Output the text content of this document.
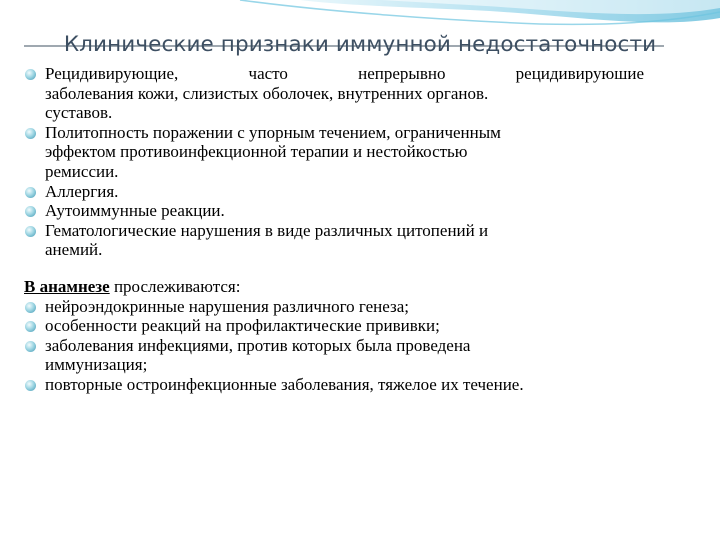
Клинические признаки иммунной недостаточности
Рецидивирующие, часто непрерывно рецидивируюшие
заболевания кожи, слизистых оболочек, внутренних органов.
суставов.
Политопность поражении с упорным течением, ограниченным
эффектом противоинфекционной терапии и нестойкостью
ремиссии.
Аллергия.
Аутоиммунные реакции.
Гематологические нарушения в виде различных цитопений и
анемий.
В анамнезе прослеживаются:
нейроэндокринные нарушения различного генеза;
особенности реакций на профилактические прививки;
заболевания инфекциями, против которых была проведена
иммунизация;
повторные остроинфекционные заболевания, тяжелое их течение.
